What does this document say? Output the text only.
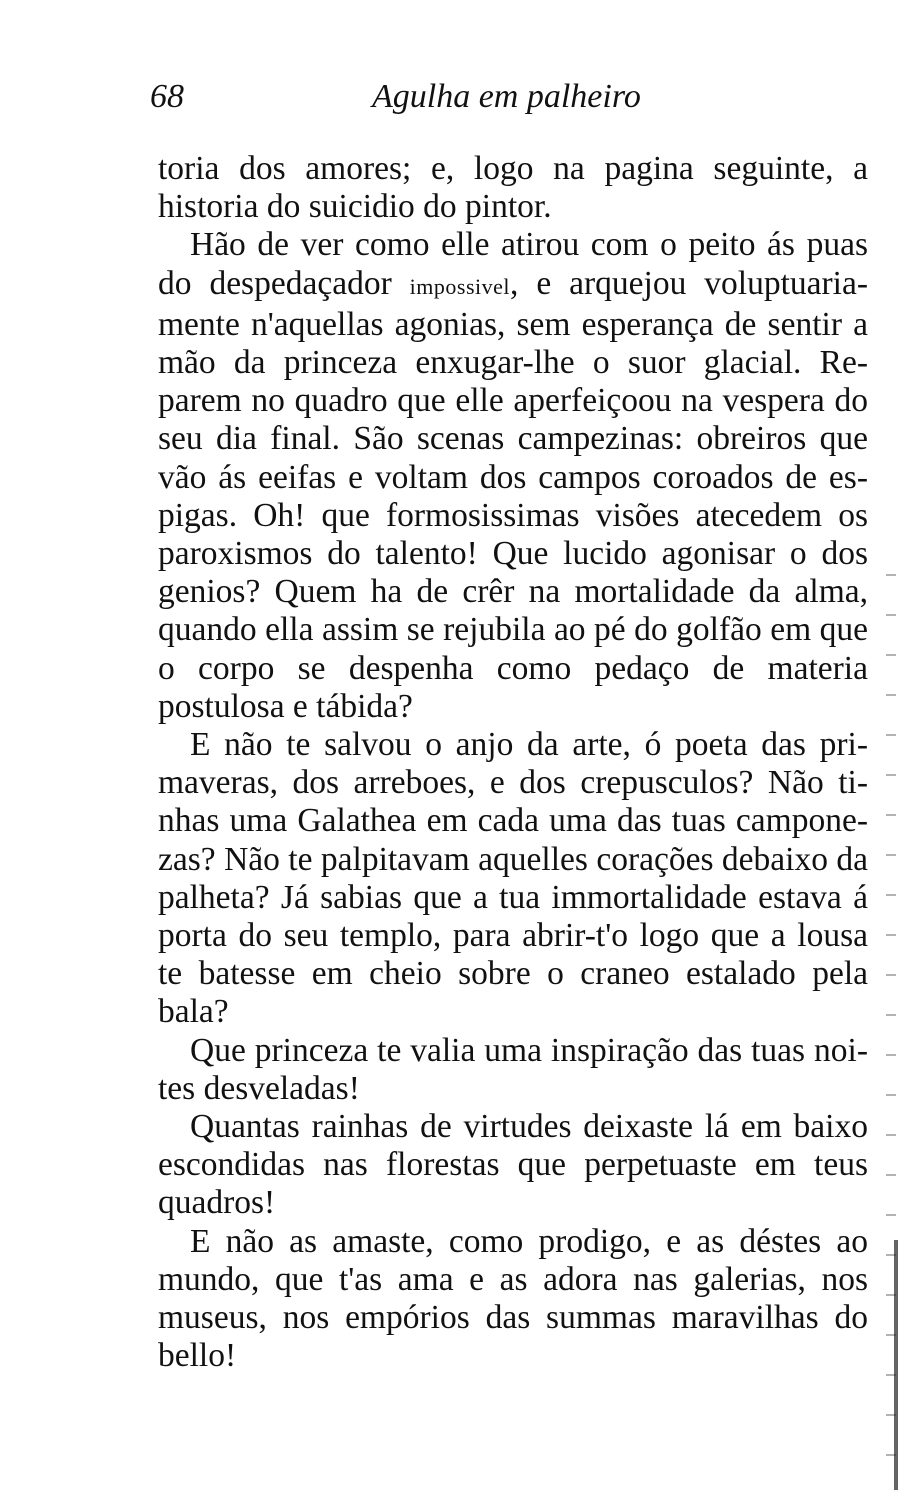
68	Agulha em palheiro

toria dos amores; e, logo na pagina seguinte, a historia do suicidio do pintor.

Hão de ver como elle atirou com o peito ás puas do despedaçador impossivel, e arquejou voluptuariamente n'aquellas agonias, sem esperança de sentir a mão da princeza enxugar-lhe o suor glacial. Reparem no quadro que elle aperfeiçoou na vespera do seu dia final. São scenas campezinas: obreiros que vão ás eeifas e voltam dos campos coroados de espigas. Oh! que formosissimas visões atecedem os paroxismos do talento! Que lucido agonisar o dos genios? Quem ha de crêr na mortalidade da alma, quando ella assim se rejubila ao pé do golfão em que o corpo se despenha como pedaço de materia postulosa e tábida?

E não te salvou o anjo da arte, ó poeta das primaveras, dos arreboes, e dos crepusculos? Não tinhas uma Galathea em cada uma das tuas camponezas? Não te palpitavam aquelles corações debaixo da palheta? Já sabias que a tua immortalidade estava á porta do seu templo, para abrir-t'o logo que a lousa te batesse em cheio sobre o craneo estalado pela bala?

Que princeza te valia uma inspiração das tuas noites desveladas!

Quantas rainhas de virtudes deixaste lá em baixo escondidas nas florestas que perpetuaste em teus quadros!

E não as amaste, como prodigo, e as déstes ao mundo, que t'as ama e as adora nas galerias, nos museus, nos empórios das summas maravilhas do bello!
